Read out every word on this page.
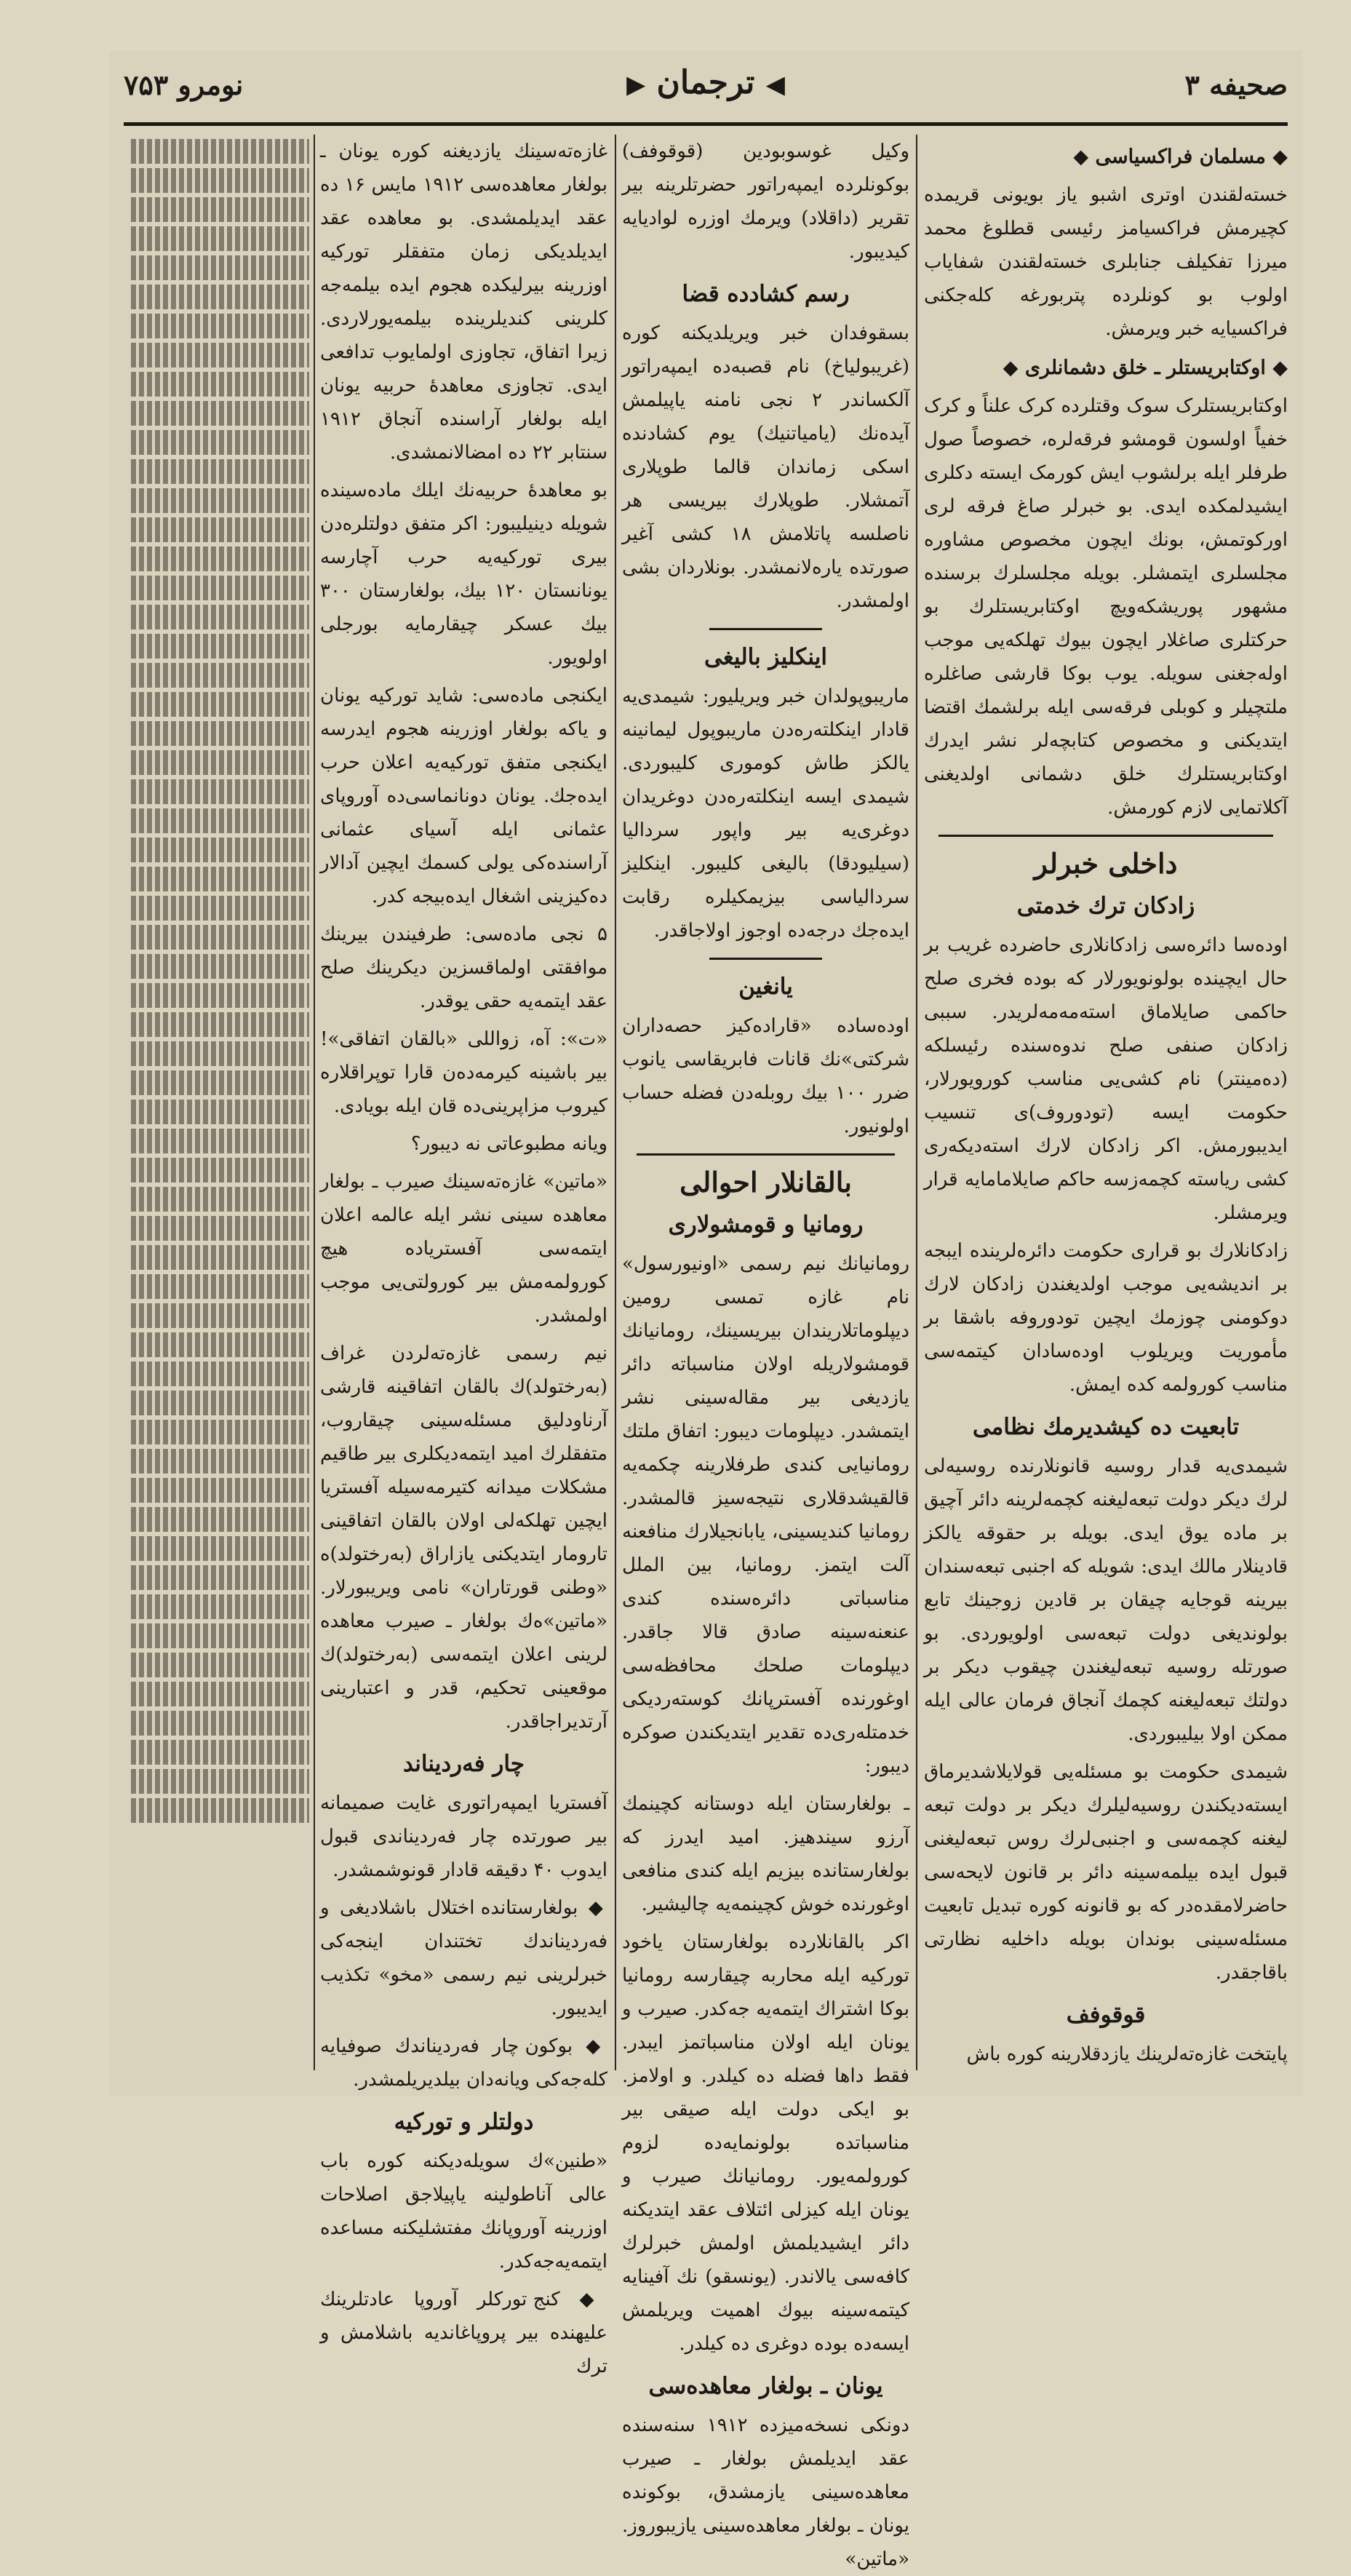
صحیفه ۳
◀ ترجمان ▶
نومرو ۷۵۳
◆ مسلمان فراکسیاسی ◆

خسته‌لقندن اوتری اشبو یاز بویونی قریمده کچیرمش فراکسیامز رئیسی قطلوغ محمد میرزا تفکیلف جنابلری خسته‌لقندن شفایاب اولوب بو کونلرده پتربورغه کله‌جکنی فراکسیایه خبر ویرمش.

◆ اوکتابریستلر ـ خلق دشمانلری ◆

اوکتابریستلرک سوک وقتلرده کرک علناً و کرک خفیاً اولسون قومشو فرقه‌لره، خصوصاً صول طرفلر ایله برلشوب ایش کورمک ایسته دکلری ایشیدلمکده ایدی. بو خبرلر صاغ فرقه لری اورکوتمش، بونك ایچون مخصوص مشاوره مجلسلری ایتمشلر. بویله مجلسلرك برسنده مشهور پوریشکه‌ویچ اوکتابریستلرك بو حرکتلری صاغلار ایچون بیوك تهلکه‌یی موجب اوله‌جغنی سویله. یوب بوکا قارشی صاغلره ملتچیلر و کوبلی فرقه‌سی ایله برلشمك اقتضا ایتدیکنی و مخصوص کتابچه‌لر نشر ایدرك اوکتابریستلرك خلق دشمانی اولدیغنی آکلاتمایی لازم کورمش.

داخلی خبرلر
زادکان ترك خدمتی

اوده‌سا دائره‌سی زادکانلاری حاضرده غریب بر حال ایچینده بولونویورلار که بوده فخری صلح حاکمی صایلاماق استه‌مه‌مه‌لریدر. سببی زادکان صنفی صلح ندوه‌سنده رئیسلکه (ده‌مینتر) نام کشی‌یی مناسب کورویورلار، حکومت ایسه (تودوروف)ی تنسیب ایدیبورمش. اکر زادکان لارك استه‌دیکه‌ری کشی ریاسته کچمه‌زسه حاکم صایلامامایه قرار ویرمشلر.

زادکانلارك بو قراری حکومت دائره‌لرینده ایبجه بر اندیشه‌یی موجب اولدیغندن زادکان لارك دوکومنی چوزمك ایچین تودوروفه باشقا بر مأموریت ویریلوب اوده‌سادان کیتمه‌سی مناسب کورولمه کده ایمش.

تابعیت ده کیشدیرمك نظامی

شیمدی‌یه قدار روسیه قانونلارنده روسیه‌لی لرك دیکر دولت تبعه‌لیغنه کچمه‌لرینه دائر آچیق بر ماده یوق ایدی. بویله بر حقوقه یالکز قادینلار مالك ایدی: شویله که اجنبی تبعه‌سندان بیرینه قوجایه چیقان بر قادین زوجینك تابع بولوندیغی دولت تبعه‌سی اولویوردی. بو صورتله روسیه تبعه‌لیغندن چیقوب دیکر بر دولتك تبعه‌لیغنه کچمك آنجاق فرمان عالی ایله ممکن اولا بیلیبوردی.

شیمدی حکومت بو مسئله‌یی قولایلاشدیرماق ایسته‌دیکندن روسیه‌لیلرك دیکر بر دولت تبعه لیغنه کچمه‌سی و اجنبی‌لرك روس تبعه‌لیغنی قبول ایده بیلمه‌سینه دائر بر قانون لایحه‌سی حاضرلامقده‌در که بو قانونه کوره تبدیل تابعیت مسئله‌سینی بوندان بویله داخلیه نظارتی باقاجقدر.

قوقوفف

پایتخت غازه‌ته‌لرینك یازدقلارینه کوره باش

وکیل غوسوبودین (قوقوفف) بوکونلرده ایمپه‌راتور حضرتلرینه بیر تقریر (داقلاد) ویرمك اوزره لوادیایه کیدیبور.

رسم کشادده قضا

بسقوفدان خبر ویریلدیکنه کوره (غریبولیاخ) نام قصبه‌ده ایمپه‌راتور آلکساندر ۲ نجی نامنه یاپیلمش آیده‌نك (یامیاتنیك) یوم کشادنده اسکی زماندان قالما طوپلاری آتمشلار. طوپلارك بیریسی هر ناصلسه پاتلامش ۱۸ کشی آغیر صورتده یاره‌لانمشدر. بونلاردان بشی اولمشدر.

اینکلیز بالیغی

ماریبوپولدان خبر ویریلیور: شیمدی‌یه قادار اینکلته‌ره‌دن ماریبوپول لیمانینه یالکز طاش کوموری کلیبوردی. شیمدی ایسه اینکلته‌ره‌دن دوغریدان دوغری‌یه بیر واپور سردالیا (سیلیودقا) بالیغی کلیبور. اینکلیز سردالیاسی بیزیمکیلره رقابت ایده‌جك درجه‌ده اوجوز اولاجاقدر.

یانغین

اوده‌ساده «قارا‌ده‌کیز حصه‌داران شرکتی»نك قانات فابریقاسی یانوب ضرر ۱۰۰ بیك روبله‌دن فضله حساب اولونیور.

بالقانلار احوالی
رومانیا و قومشولاری

رومانیانك نیم رسمی «اونیورسول» نام غازه تمسی رومین دیپلوماتلاریندان بیریسینك، رومانیانك قومشولاریله اولان مناسباته دائر یازدیغی بیر مقاله‌سینی نشر ایتمشدر. دیپلومات دیبور: اتفاق ملتك رومانیایی کندی طرفلارینه چکمه‌یه قالقیشدقلاری نتیجه‌سیز قالمشدر. رومانیا کندیسینی، یابانجیلارك منافعنه آلت ایتمز. رومانیا، بین الملل مناسباتی دائره‌سنده کندی عنعنه‌سینه صادق قالا جاقدر. دیپلومات صلحك محافظه‌سی اوغورنده آفسترپانك کوسته‌ردیکی خدمتله‌ری‌ده تقدیر ایتدیکندن صوکره دیبور:

ـ بولغارستان ایله دوستانه کچینمك آرزو سیندهیز. امید ایدرز که بولغارستانده بیزیم ایله کندی منافعی اوغورنده خوش کچینمه‌یه چالیشیر.

اکر بالقانلارده بولغارستان یاخود تورکیه ایله محاربه چیقارسه رومانیا بوکا اشتراك ایتمه‌یه جه‌کدر. صیرب و یونان ایله اولان مناسباتمز ایبدر. فقط داها فضله ده کیلدر. و اولامز. بو ایکی دولت ایله صیقی بیر مناسباتده بولونمایه‌ده لزوم کورولمه‌یور. رومانیانك صیرب و یونان ایله کیزلی ائتلاف عقد ایتدیکنه دائر ایشیدیلمش اولمش خبرلرك کافه‌سی یالاندر. (یونسقو) نك آفینایه کیتمه‌سینه بیوك اهمیت ویریلمش ایسه‌ده بوده دوغری ده کیلدر.

یونان ـ بولغار معاهده‌سی

دونکی نسخه‌میزده ۱۹۱۲ سنه‌سنده عقد ایدیلمش بولغار ـ صیرب معاهده‌سینی یازمشدق، بوکونده یونان ـ بولغار معاهده‌سینی یازیبوروز. «ماتین»

غازه‌ته‌سینك یازدیغنه کوره یونان ـ بولغار معاهده‌سی ۱۹۱۲ مایس ۱۶ ده عقد ایدیلمشدی. بو معاهده عقد ایدیلدیکی زمان متفقلر تورکیه اوزرینه بیرلیکده هجوم ایده بیلمه‌جه کلرینی کندیلرینده بیلمه‌یورلاردی. زیرا اتفاق، تجاوزی اولمایوب تدافعی ایدی. تجاوزی معاهدهٔ حربیه یونان ایله بولغار آراسنده آنجاق ۱۹۱۲ سنتابر ۲۲ ده امضالانمشدی.

بو معاهدهٔ حربیه‌نك ایلك ماده‌سینده شویله دینیلیبور: اکر متفق دولتلره‌دن بیری تورکیه‌یه حرب آچارسه یونانستان ۱۲۰ بیك، بولغارستان ۳۰۰ بیك عسکر چیقارمایه بورجلی اولویور.

ایکنجی ماده‌سی: شاید تورکیه یونان و یاکه بولغار اوزرینه هجوم ایدرسه ایکنجی متفق تورکیه‌یه اعلان حرب ایده‌جك. یونان دونانماسی‌ده آوروپای عثمانی ایله آسیای عثمانی آراسنده‌کی یولی کسمك ایچین آدالار ده‌کیزینی اشغال ایده‌بیجه کدر.

۵ نجی ماده‌سی: طرفیندن بیرینك موافقتی اولماقسزین دیکرینك صلح عقد ایتمه‌یه حقی یوقدر.

«ت»: آه، زواللی «بالقان اتفاقی»! بیر باشینه کیرمه‌ده‌ن قارا توپراقلاره کیروب مزاپرینی‌ده قان ایله بویادی.

ویانه مطبوعاتی نه دیبور؟

«ماتین» غازه‌ته‌سینك صیرب ـ بولغار معاهده‌ سینی نشر ایله عالمه اعلان ایتمه‌سی آفستریاده هیچ کورولمه‌مش بیر کورولتی‌یی موجب اولمشدر.

نیم رسمی غازه‌ته‌لردن غراف (بەرختولد)ك بالقان اتفاقینه قارشی آرناودلیق مسئله‌سینی چیقاروب، متفقلرك امید ایتمه‌دیکلری بیر طاقیم مشکلات میدانه کتیرمه‌سیله آفستریا ایچین تهلکه‌لی اولان بالقان اتفاقینی تارومار ایتدیکنی یازاراق (بەرختولد)ه «وطنی قورتاران» نامی ویریبورلار. «ماتین»ه‌ك بولغار ـ صیرب معاهده‌ لرینی اعلان ایتمه‌سی (بەرختولد)ك موقعینی تحکیم، قدر و اعتبارینی آرتدیراجاقدر.

چار فەردیناند

آفستریا ایمپەراتوری غایت صمیمانه بیر صورتده چار فەردیناندی قبول ایدوب ۴۰ دقیقه قادار قونوشمشدر.

◆ بولغارستانده اختلال باشلادیغی و فەردیناندك تختندان اینجه‌کی خبرلرینی نیم رسمی «مخو» تکذیب ایدیبور.

◆ بوکون چار فەردیناندك صوفیایه کله‌جه‌کی ویانه‌دان بیلدیریلمشدر.

دولتلر و تورکیه

«طنین»ك سویله‌دیکنه کوره باب عالی آناطولینه یاپیلاجق اصلاحات اوزرینه آوروپانك مفتشلیکنه مساعده ایتمه‌یه‌جه‌کدر.

◆ کنج تورکلر آوروپا عادتلرینك علیهنده بیر پروپاغاندیه باشلامش و ترك
